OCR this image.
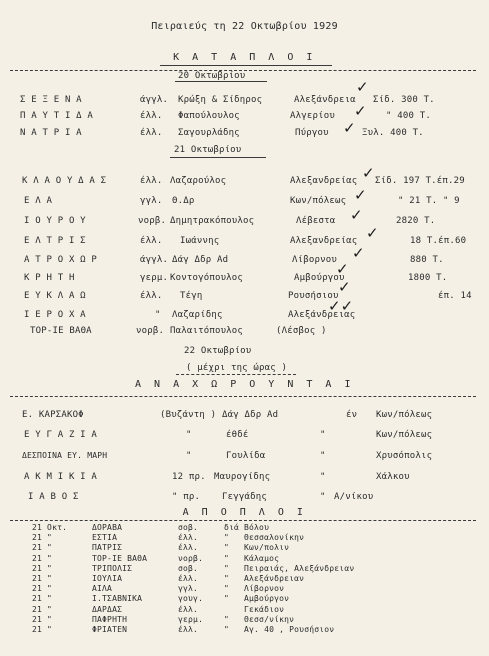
Πειραιεύς τη 22 Οκτωβρίου 1929
Κ Α Τ Α Π Λ Ο Ι
20 Οκτωβρίου
Σ Ε Ξ Ε Ν Α	άγγλ. Κρώξη & Σίδηρος	Αλεξάνδρεια Σίδ. 300 Τ.
✓
Π Α Υ Τ Ι Δ Α	έλλ. Φαπούλουλος	Αλγερίου	" 400 Τ.
✓
Ν Α Τ Ρ Ι Α	έλλ. Σαγουρλάδης	Πύργου	Ξυλ. 400 Τ.
✓
21 Οκτωβρίου
Κ Λ Α Ο Υ Δ Α Σ	έλλ. Λαζαρούλος	Αλεξανδρείας Σίδ. 197 Τ.έπ.29
✓
Ε Λ Α	γγλ. Θ.Δρ	Κων/πόλεως	" 21 Τ. " 9
✓
Ι Ο Υ Ρ Ο Υ	νορβ. Δημητρακόπουλος	Λέβεστα	2820 Τ.
✓
Ε Λ Τ Ρ Ι Σ	έλλ. Ιωάννης	Αλεξανδρείας	18 Τ.έπ.60
✓
Α Τ Ρ Ο Χ Ω Ρ	άγγλ. Δάγ Δδρ Ad	Λίβορνου	880 Τ.
✓
Κ Ρ Η Τ Η	γερμ. Κοντογόπουλος	Αμβούργου	1800 Τ.
✓
Ε Υ Κ Λ Α Ω	έλλ. Τέγη	Ρουσήσιου	έπ. 14
✓
Ι Ε Ρ Ο Χ Α	" Λαζαρίδης	Αλεξάνδρειας
✓✓
ΤΟΡ-ΙΕ ΒΑΘΑ	νορβ. Παλαιτόπουλος	(Λέσβος )
22 Οκτωβρίου
( μέχρι της ώρας )
Α Ν Α Χ Ω Ρ Ο Υ Ν Τ Α Ι
Ε. ΚΑΡΣΑΚΟΦ	(Βυζάντη ) Δάγ Δδρ Ad	έν Κων/πόλεως
Ε Υ Γ Α Ζ Ι Α	"	έθδέ	"	Κων/πόλεως
ΔΕΣΠΟΙΝΑ ΕΥ. ΜΑΡΗ	"	Γουλίδα	"	Χρυσόπολις
Α Κ Μ Ι Κ Ι Α	12 πρ. Μαυρογίδης	"	Χάλκου
Ι Α Β Ο Σ	" πρ. Γεγγάδης	" Α/νίκου
Α Π Ο Π Λ Ο Ι
21 Οκτ.	ΔΟΡΑΒΑ	σοβ.	διά Βόλου
21 "	ΕΣΤΙΑ	έλλ.	" Θεσσαλονίκην
21 "	ΠΑΤΡΙΣ	έλλ.	" Κων/πολιν
21 "	ΤΟΡ-ΙΕ ΒΑΘΑ	νορβ.	" Κάλαμος
21 "	ΤΡΙΠΟΛΙΣ	σοβ.	" Πειραιάς, Αλεξάνδρειαν
21 "	ΙΟΥΛΙΑ	έλλ.	" Αλεξάνδρειαν
21 "	ΑΙΛΑ	γγλ.	" Λίβορνον
21 "	Ι.ΤΣΑΒΝΙΚΑ	γουγ.	" Αμβούργον
21 "	ΔΑΡΔΑΣ	έλλ.	Γεκάδιον
21 "	ΠΑΦΡΗΤΗ	γερμ.	" Θεσσ/νίκην
21 "	ΦΡΙΑΤΕΝ	έλλ.	" Αγ. 40 , Ρουσήσιον
